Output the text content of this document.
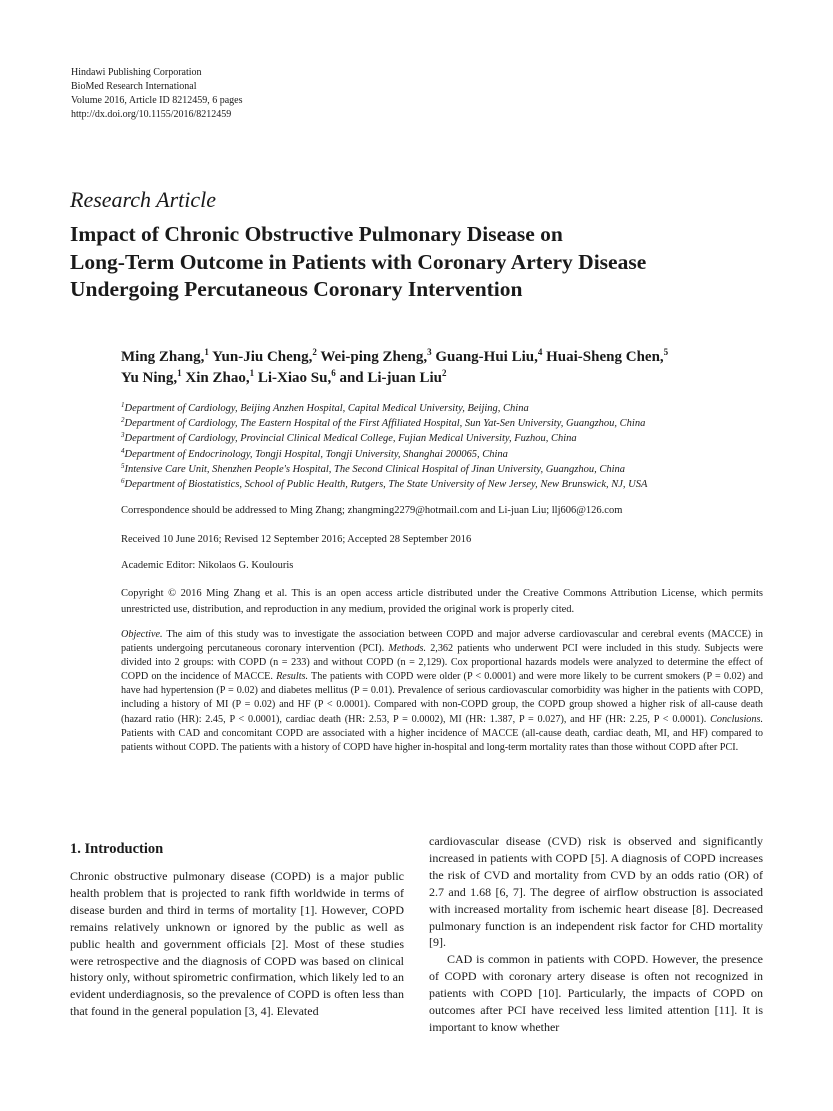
Hindawi Publishing Corporation
BioMed Research International
Volume 2016, Article ID 8212459, 6 pages
http://dx.doi.org/10.1155/2016/8212459
Research Article
Impact of Chronic Obstructive Pulmonary Disease on
Long-Term Outcome in Patients with Coronary Artery Disease
Undergoing Percutaneous Coronary Intervention
Ming Zhang,$^1$ Yun-Jiu Cheng,$^2$ Wei-ping Zheng,$^3$ Guang-Hui Liu,$^4$ Huai-Sheng Chen,$^5$
Yu Ning,$^1$ Xin Zhao,$^1$ Li-Xiao Su,$^6$ and Li-juan Liu$^2$
$^1$Department of Cardiology, Beijing Anzhen Hospital, Capital Medical University, Beijing, China
$^2$Department of Cardiology, The Eastern Hospital of the First Affiliated Hospital, Sun Yat-Sen University, Guangzhou, China
$^3$Department of Cardiology, Provincial Clinical Medical College, Fujian Medical University, Fuzhou, China
$^4$Department of Endocrinology, Tongji Hospital, Tongji University, Shanghai 200065, China
$^5$Intensive Care Unit, Shenzhen People's Hospital, The Second Clinical Hospital of Jinan University, Guangzhou, China
$^6$Department of Biostatistics, School of Public Health, Rutgers, The State University of New Jersey, New Brunswick, NJ, USA
Correspondence should be addressed to Ming Zhang; zhangming2279@hotmail.com and Li-juan Liu; llj606@126.com
Received 10 June 2016; Revised 12 September 2016; Accepted 28 September 2016
Academic Editor: Nikolaos G. Koulouris
Copyright © 2016 Ming Zhang et al. This is an open access article distributed under the Creative Commons Attribution License, which permits unrestricted use, distribution, and reproduction in any medium, provided the original work is properly cited.
Objective. The aim of this study was to investigate the association between COPD and major adverse cardiovascular and cerebral events (MACCE) in patients undergoing percutaneous coronary intervention (PCI). Methods. 2,362 patients who underwent PCI were included in this study. Subjects were divided into 2 groups: with COPD (n = 233) and without COPD (n = 2,129). Cox proportional hazards models were analyzed to determine the effect of COPD on the incidence of MACCE. Results. The patients with COPD were older (P < 0.0001) and were more likely to be current smokers (P = 0.02) and have had hypertension (P = 0.02) and diabetes mellitus (P = 0.01). Prevalence of serious cardiovascular comorbidity was higher in the patients with COPD, including a history of MI (P = 0.02) and HF (P < 0.0001). Compared with non-COPD group, the COPD group showed a higher risk of all-cause death (hazard ratio (HR): 2.45, P < 0.0001), cardiac death (HR: 2.53, P = 0.0002), MI (HR: 1.387, P = 0.027), and HF (HR: 2.25, P < 0.0001). Conclusions. Patients with CAD and concomitant COPD are associated with a higher incidence of MACCE (all-cause death, cardiac death, MI, and HF) compared to patients without COPD. The patients with a history of COPD have higher in-hospital and long-term mortality rates than those without COPD after PCI.
1. Introduction

Chronic obstructive pulmonary disease (COPD) is a major public health problem that is projected to rank fifth worldwide in terms of disease burden and third in terms of mortality [1]. However, COPD remains relatively unknown or ignored by the public as well as public health and government officials [2]. Most of these studies were retrospective and the diagnosis of COPD was based on clinical history only, without spirometric confirmation, which likely led to an evident underdiagnosis, so the prevalence of COPD is often less than that found in the general population [3, 4]. Elevated

cardiovascular disease (CVD) risk is observed and significantly increased in patients with COPD [5]. A diagnosis of COPD increases the risk of CVD and mortality from CVD by an odds ratio (OR) of 2.7 and 1.68 [6, 7]. The degree of airflow obstruction is associated with increased mortality from ischemic heart disease [8]. Decreased pulmonary function is an independent risk factor for CHD mortality [9].

CAD is common in patients with COPD. However, the presence of COPD with coronary artery disease is often not recognized in patients with COPD [10]. Particularly, the impacts of COPD on outcomes after PCI have received less limited attention [11]. It is important to know whether
